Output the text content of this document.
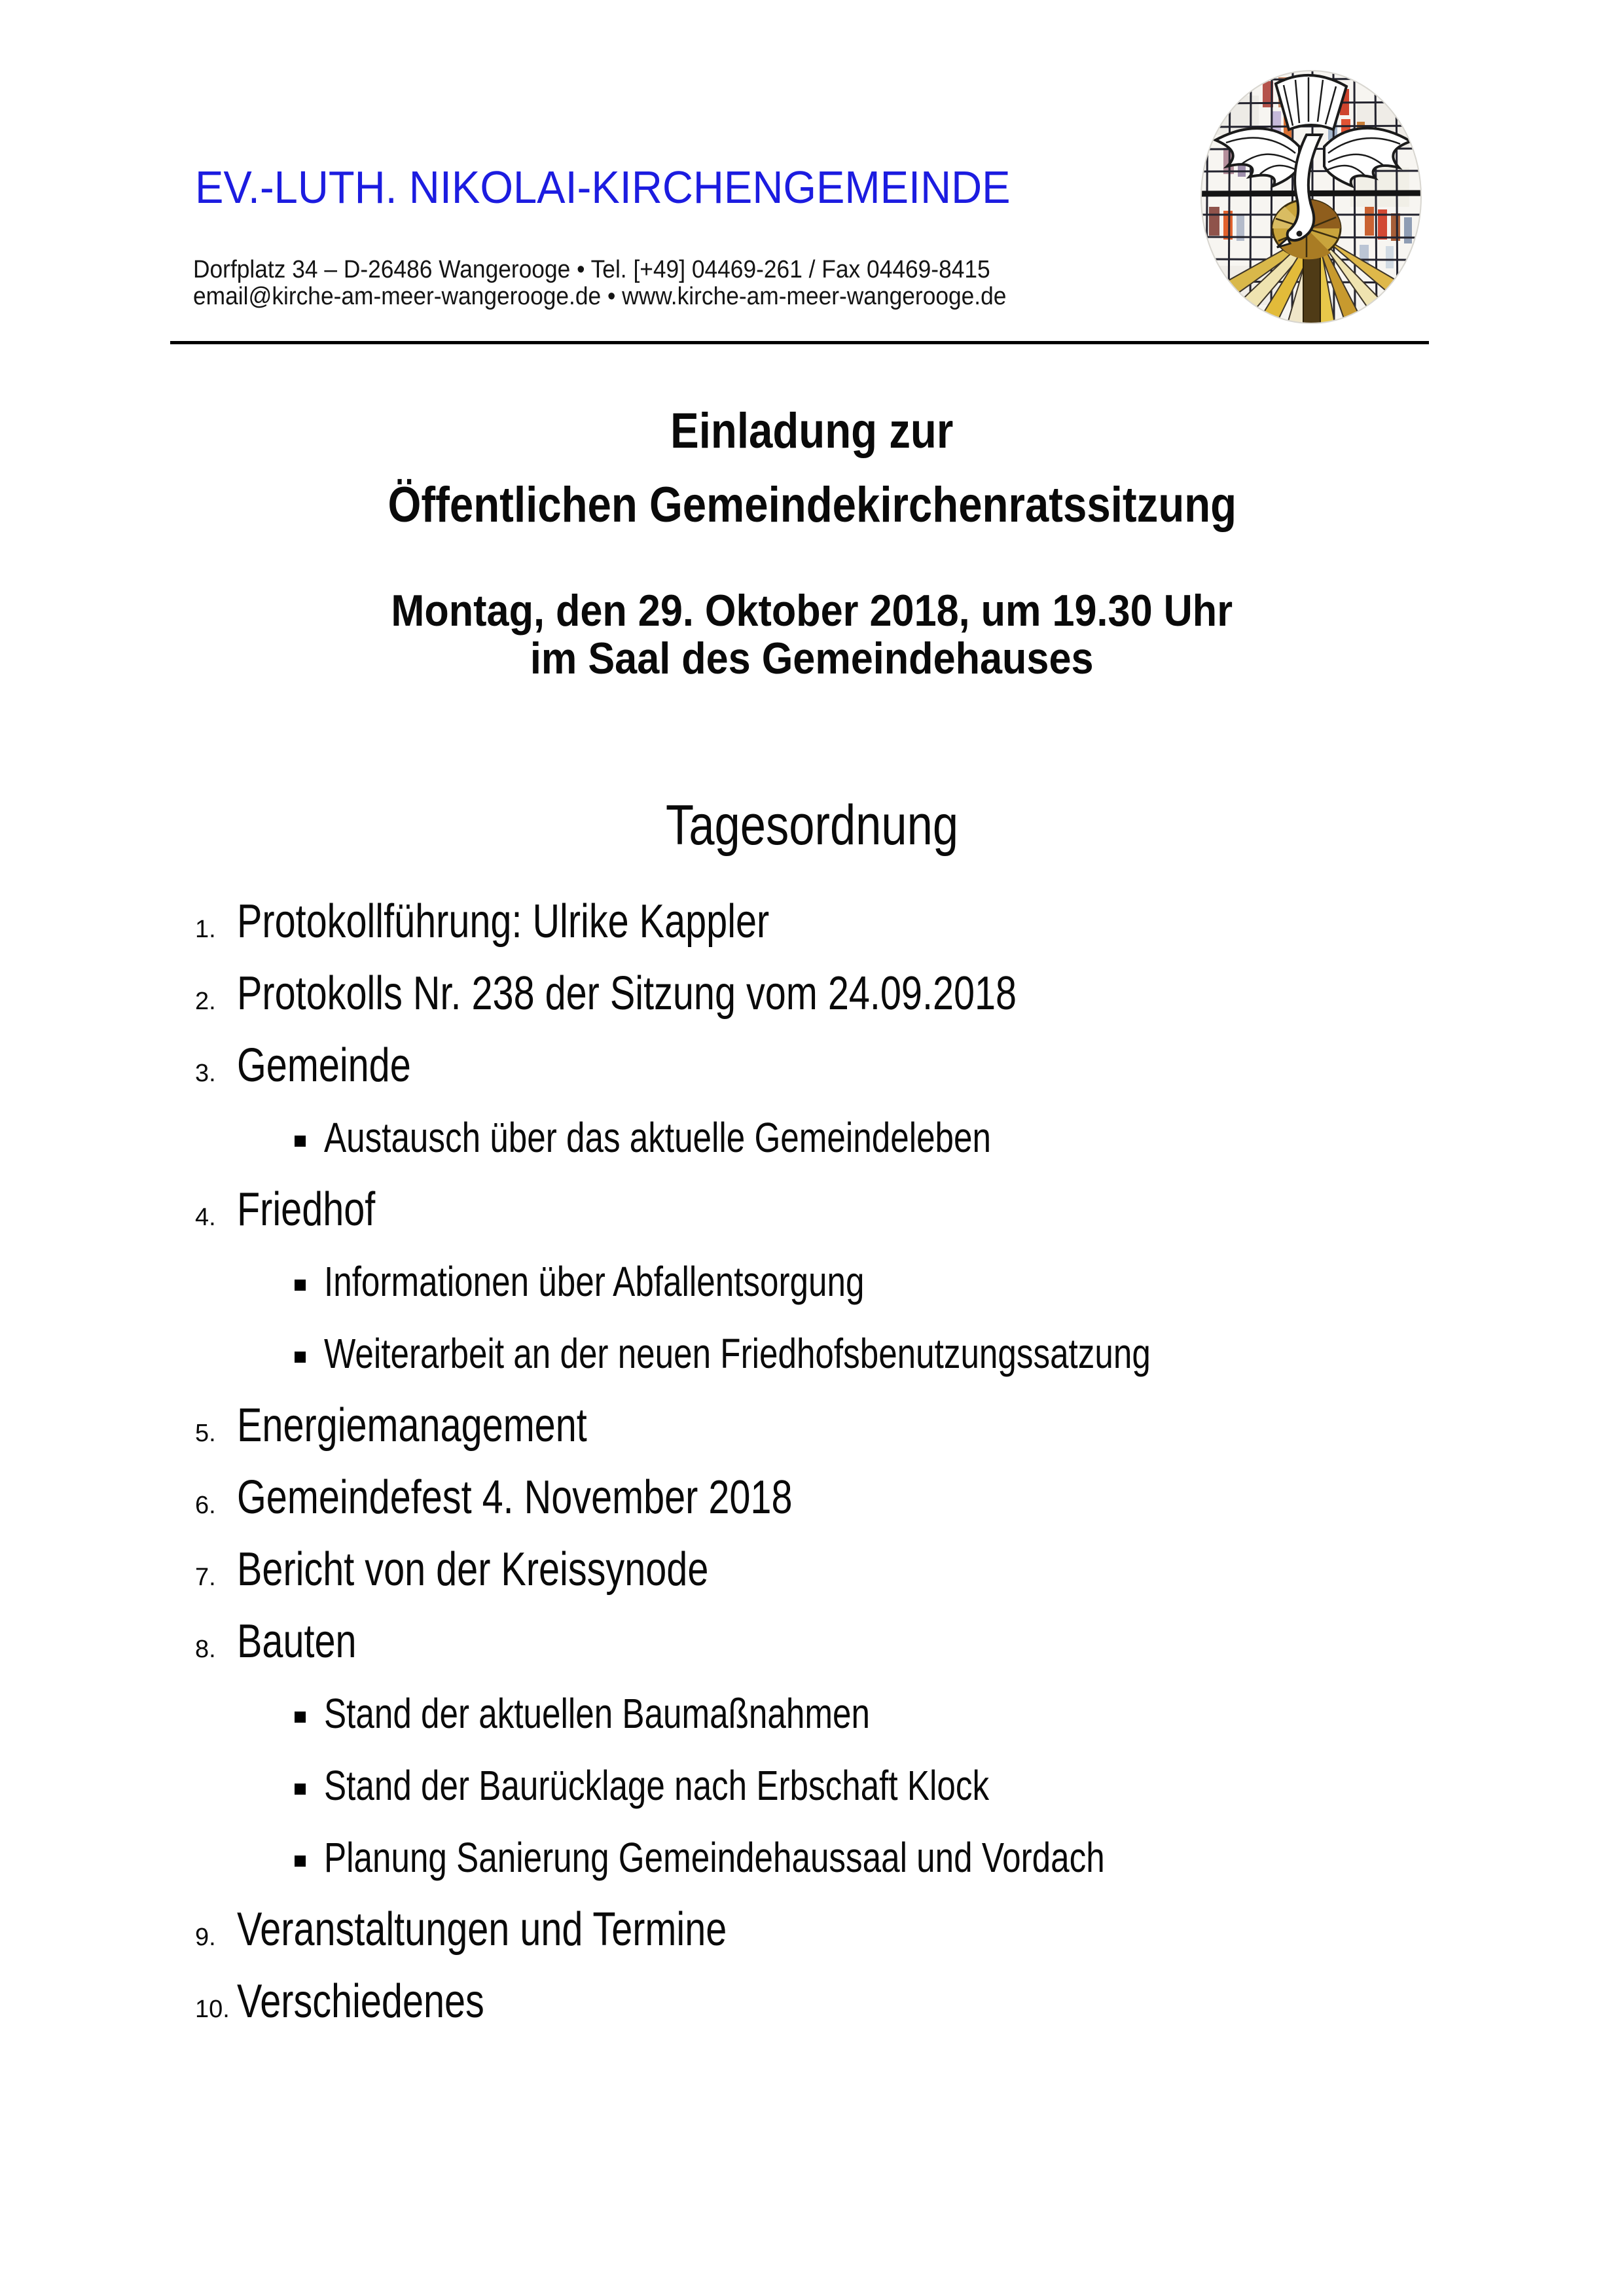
EV.-LUTH. NIKOLAI-KIRCHENGEMEINDE
Dorfplatz 34 – D-26486 Wangerooge • Tel. [+49] 04469-261 / Fax 04469-8415
email@kirche-am-meer-wangerooge.de • www.kirche-am-meer-wangerooge.de
Einladung zur
Öffentlichen Gemeindekirchenratssitzung
Montag, den 29. Oktober 2018, um 19.30 Uhr
im Saal des Gemeindehauses
Tagesordnung
1. Protokollführung: Ulrike Kappler
2. Protokolls Nr. 238 der Sitzung vom 24.09.2018
3. Gemeinde
Austausch über das aktuelle Gemeindeleben
4. Friedhof
Informationen über Abfallentsorgung
Weiterarbeit an der neuen Friedhofsbenutzungssatzung
5. Energiemanagement
6. Gemeindefest 4. November 2018
7. Bericht von der Kreissynode
8. Bauten
Stand der aktuellen Baumaßnahmen
Stand der Baurücklage nach Erbschaft Klock
Planung Sanierung Gemeindehaussaal und Vordach
9. Veranstaltungen und Termine
10. Verschiedenes
